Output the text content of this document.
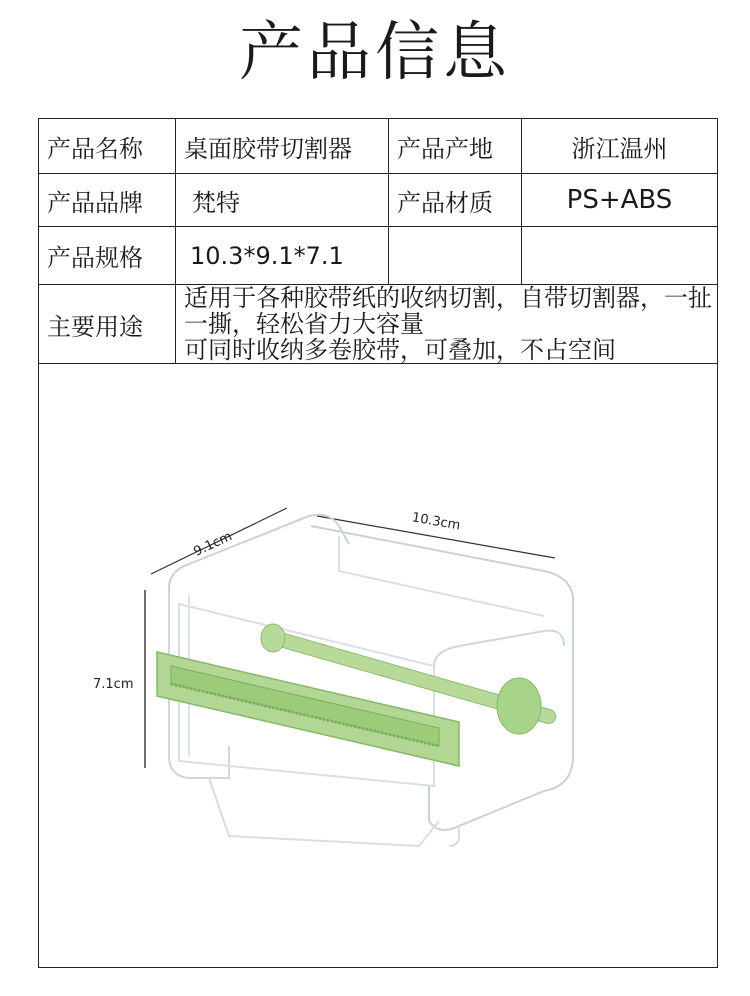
产品信息
产品名称	桌面胶带切割器	产品产地	浙江温州
产品品牌	梵特	产品材质	PS+ABS
产品规格	10.3*9.1*7.1		
主要用途	适用于各种胶带纸的收纳切割，自带切割器，一扯一撕，轻松省力大容量
可同时收纳多卷胶带，可叠加，不占空间		
9.1cm
10.3cm
7.1cm
